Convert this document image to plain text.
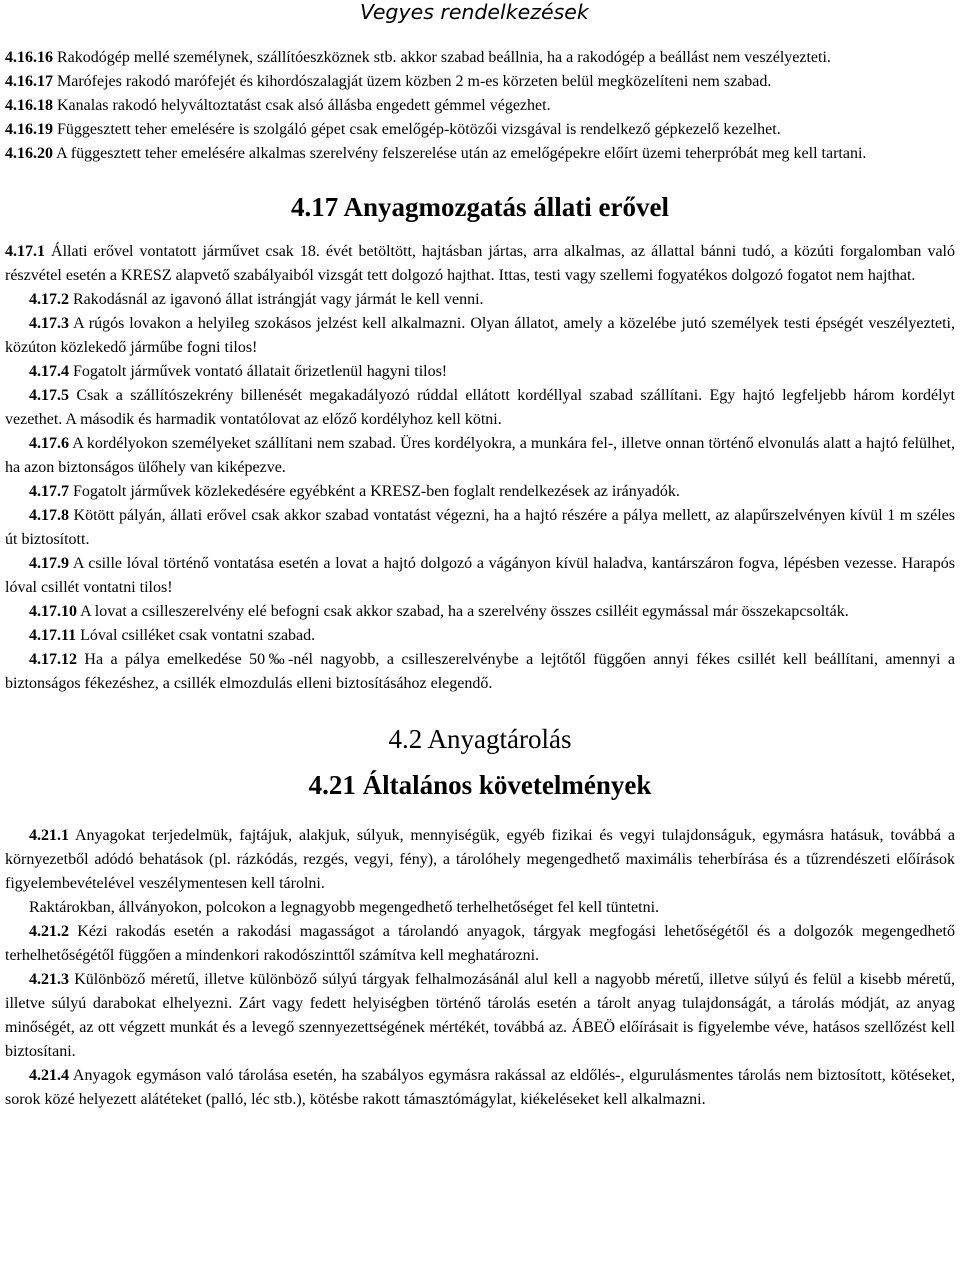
Vegyes rendelkezések

4.16.16 Rakodógép mellé személynek, szállítóeszköznek stb. akkor szabad beállnia, ha a rakodógép a beállást nem veszélyezteti.

4.16.17 Marófejes rakodó marófejét és kihordószalagját üzem közben 2 m-es körzeten belül megközelíteni nem szabad.

4.16.18 Kanalas rakodó helyváltoztatást csak alsó állásba engedett gémmel végezhet.

4.16.19 Függesztett teher emelésére is szolgáló gépet csak emelőgép-kötözői vizsgával is rendelkező gépkezelő kezelhet.

4.16.20 A függesztett teher emelésére alkalmas szerelvény felszerelése után az emelőgépekre előírt üzemi teherpróbát meg kell tartani.

4.17 Anyagmozgatás állati erővel

4.17.1 Állati erővel vontatott járművet csak 18. évét betöltött, hajtásban jártas, arra alkalmas, az állattal bánni tudó, a közúti forgalomban való részvétel esetén a KRESZ alapvető szabályaiból vizsgát tett dolgozó hajthat. Ittas, testi vagy szellemi fogyatékos dolgozó fogatot nem hajthat.

4.17.2 Rakodásnál az igavonó állat istrángját vagy jármát le kell venni.

4.17.3 A rúgós lovakon a helyileg szokásos jelzést kell alkalmazni. Olyan állatot, amely a közelébe jutó személyek testi épségét veszélyezteti, közúton közlekedő járműbe fogni tilos!

4.17.4 Fogatolt járművek vontató állatait őrizetlenül hagyni tilos!

4.17.5 Csak a szállítószekrény billenését megakadályozó rúddal ellátott kordéllyal szabad szállítani. Egy hajtó legfeljebb három kordélyt vezethet. A második és harmadik vontatólovat az előző kordélyhoz kell kötni.

4.17.6 A kordélyokon személyeket szállítani nem szabad. Üres kordélyokra, a munkára fel-, illetve onnan történő elvonulás alatt a hajtó felülhet, ha azon biztonságos ülőhely van kiképezve.

4.17.7 Fogatolt járművek közlekedésére egyébként a KRESZ-ben foglalt rendelkezések az irányadók.

4.17.8 Kötött pályán, állati erővel csak akkor szabad vontatást végezni, ha a hajtó részére a pálya mellett, az alapűrszelvényen kívül 1 m széles út biztosított.

4.17.9 A csille lóval történő vontatása esetén a lovat a hajtó dolgozó a vágányon kívül haladva, kantárszáron fogva, lépésben vezesse. Harapós lóval csillét vontatni tilos!

4.17.10 A lovat a csilleszerelvény elé befogni csak akkor szabad, ha a szerelvény összes csilléit egymással már összekapcsolták.

4.17.11 Lóval csilléket csak vontatni szabad.

4.17.12 Ha a pálya emelkedése 50‰-nél nagyobb, a csilleszerelvénybe a lejtőtől függően annyi fékes csillét kell beállítani, amennyi a biztonságos fékezéshez, a csillék elmozdulás elleni biztosításához elegendő.

4.2 Anyagtárolás
4.21 Általános követelmények

4.21.1 Anyagokat terjedelmük, fajtájuk, alakjuk, súlyuk, mennyiségük, egyéb fizikai és vegyi tulajdonságuk, egymásra hatásuk, továbbá a környezetből adódó behatások (pl. rázkódás, rezgés, vegyi, fény), a tárolóhely megengedhető maximális teherbírása és a tűzrendészeti előírások figyelembevételével veszélymentesen kell tárolni.

Raktárokban, állványokon, polcokon a legnagyobb megengedhető terhelhetőséget fel kell tüntetni.

4.21.2 Kézi rakodás esetén a rakodási magasságot a tárolandó anyagok, tárgyak megfogási lehetőségétől és a dolgozók megengedhető terhelhetőségétől függően a mindenkori rakodószinttől számítva kell meghatározni.

4.21.3 Különböző méretű, illetve különböző súlyú tárgyak felhalmozásánál alul kell a nagyobb méretű, illetve súlyú és felül a kisebb méretű, illetve súlyú darabokat elhelyezni. Zárt vagy fedett helyiségben történő tárolás esetén a tárolt anyag tulajdonságát, a tárolás módját, az anyag minőségét, az ott végzett munkát és a levegő szennyezettségének mértékét, továbbá az. ÁBEÖ előírásait is figyelembe véve, hatásos szellőzést kell biztosítani.

4.21.4 Anyagok egymáson való tárolása esetén, ha szabályos egymásra rakással az eldőlés-, elgurulásmentes tárolás nem biztosított, kötéseket, sorok közé helyezett alátéteket (palló, léc stb.), kötésbe rakott támasztómágylat, kiékeléseket kell alkalmazni.
